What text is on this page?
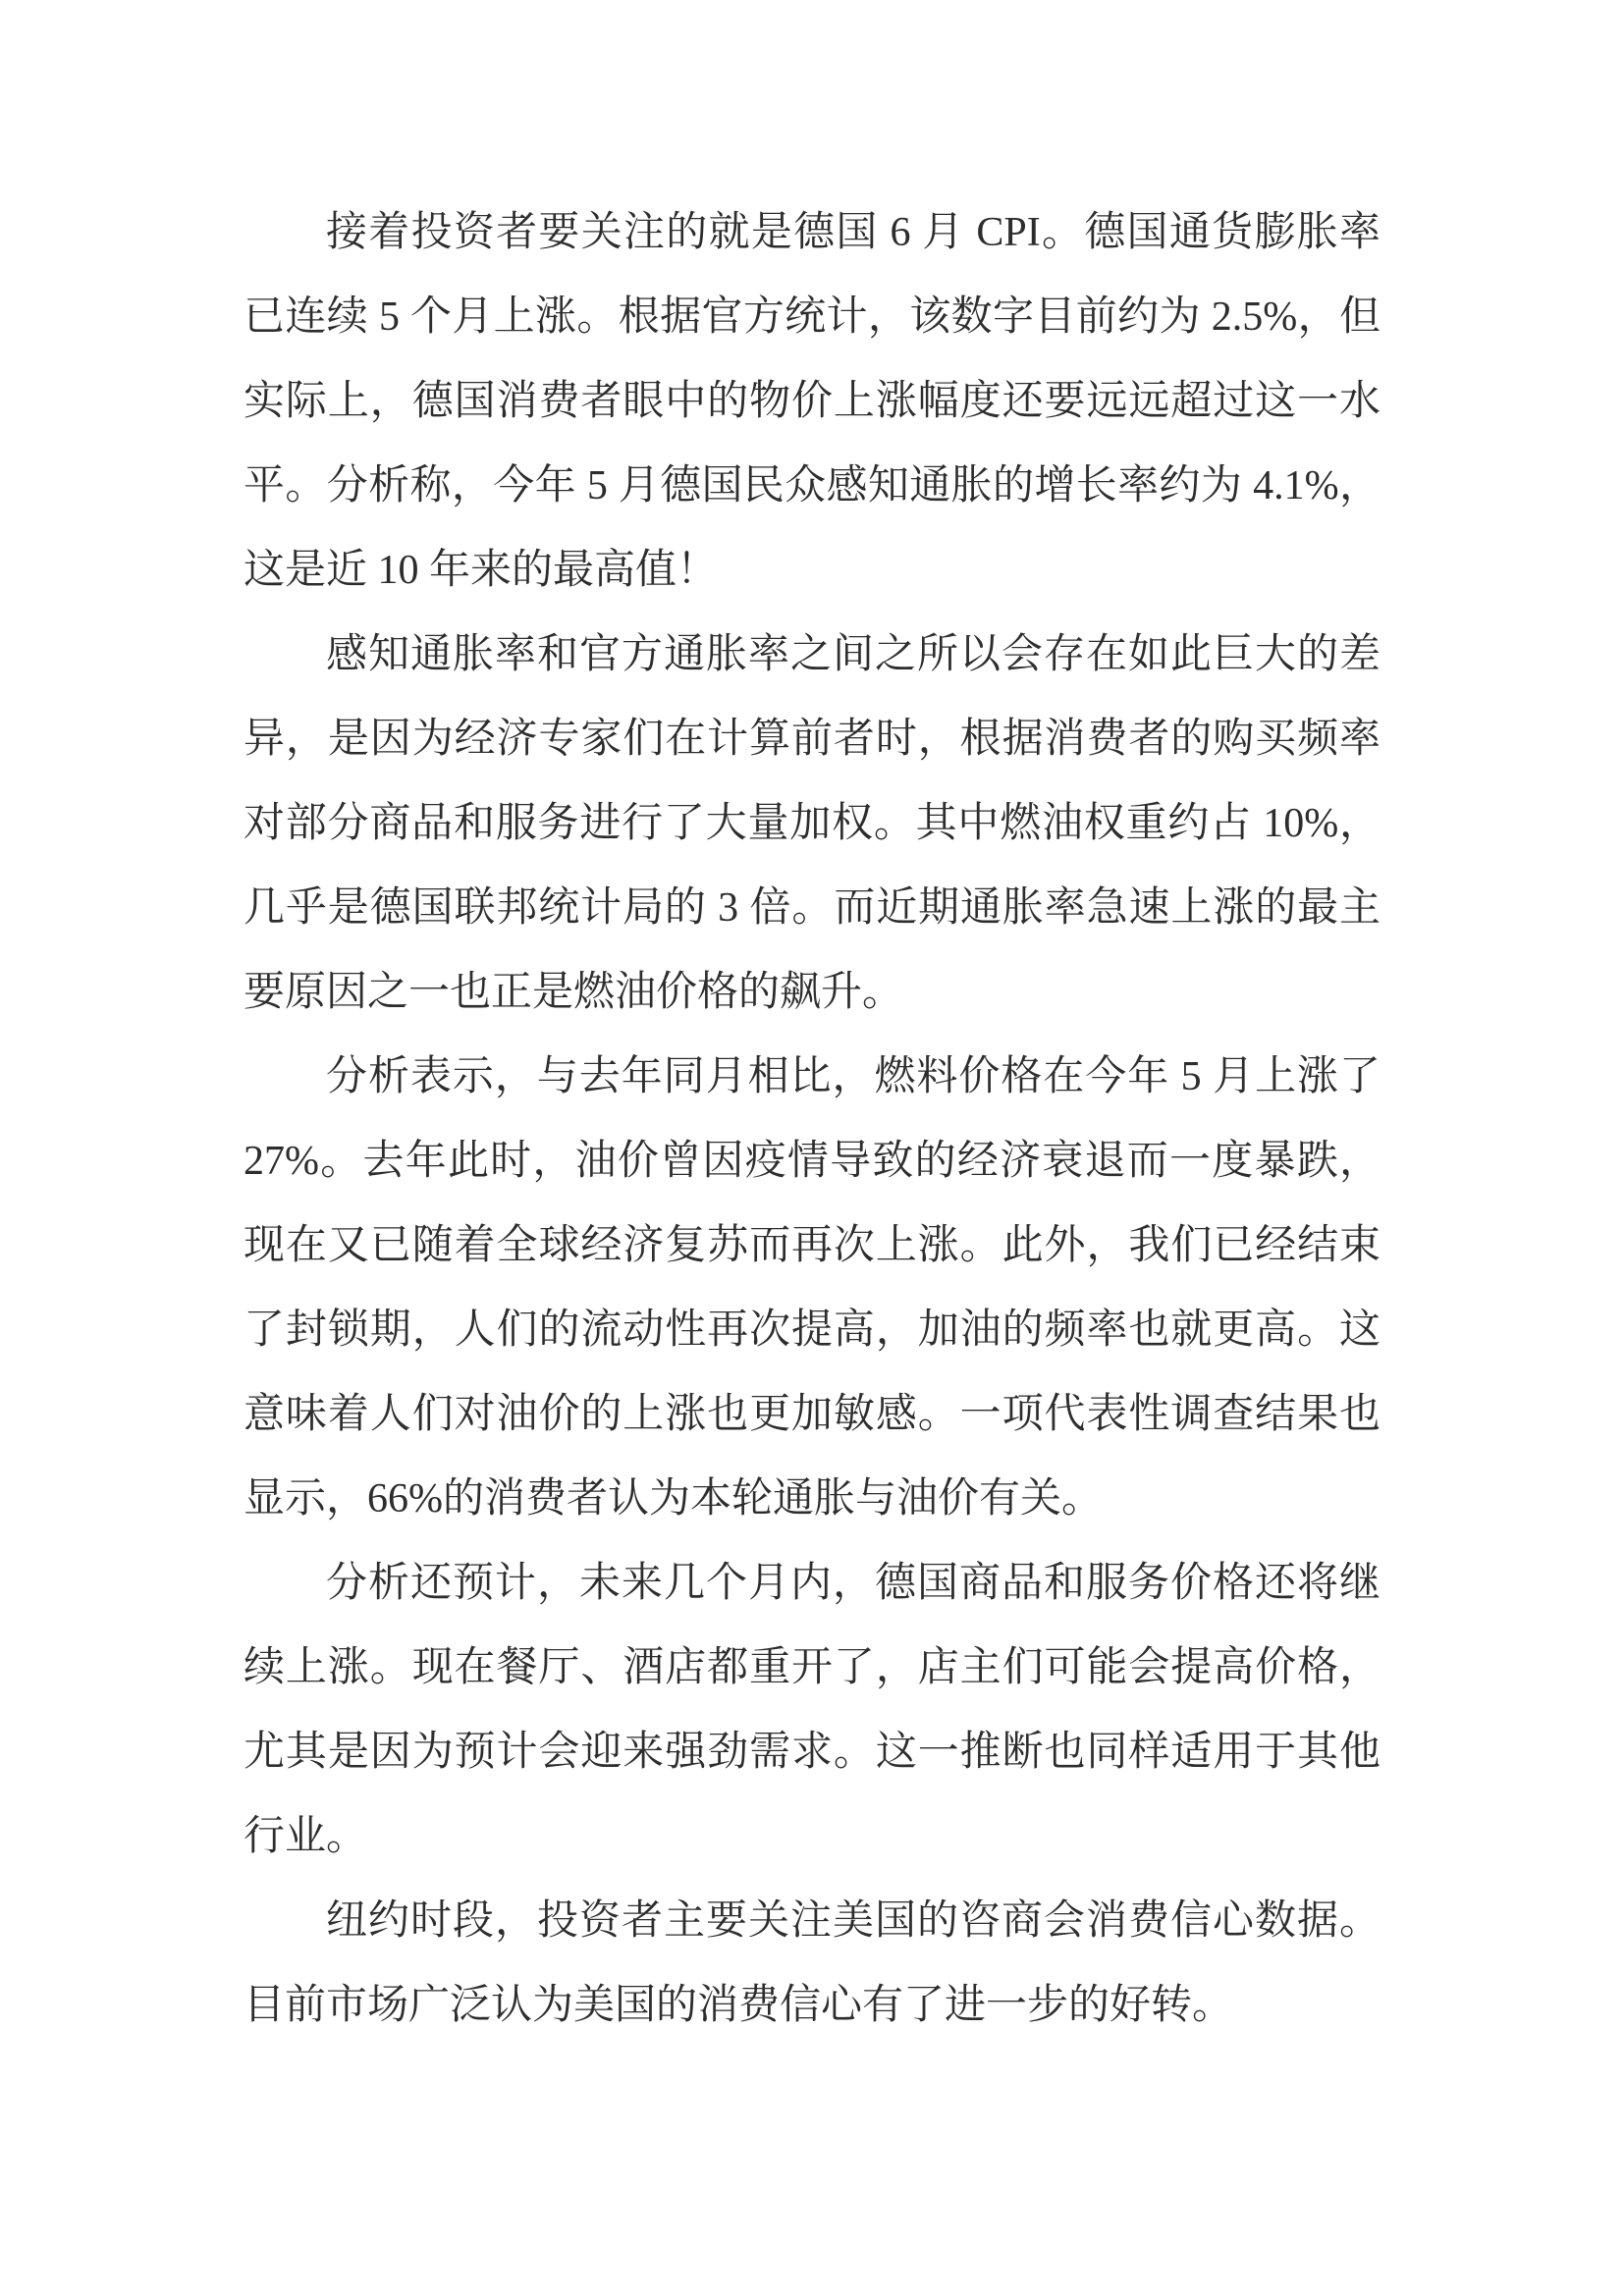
接着投资者要关注的就是德国 6 月 CPI。德国通货膨胀率已连续 5 个月上涨。根据官方统计，该数字目前约为 2.5%，但实际上，德国消费者眼中的物价上涨幅度还要远远超过这一水平。分析称，今年 5 月德国民众感知通胀的增长率约为 4.1%，这是近 10 年来的最高值！

感知通胀率和官方通胀率之间之所以会存在如此巨大的差异，是因为经济专家们在计算前者时，根据消费者的购买频率对部分商品和服务进行了大量加权。其中燃油权重约占 10%，几乎是德国联邦统计局的 3 倍。而近期通胀率急速上涨的最主要原因之一也正是燃油价格的飙升。

分析表示，与去年同月相比，燃料价格在今年 5 月上涨了 27%。去年此时，油价曾因疫情导致的经济衰退而一度暴跌，现在又已随着全球经济复苏而再次上涨。此外，我们已经结束了封锁期，人们的流动性再次提高，加油的频率也就更高。这意味着人们对油价的上涨也更加敏感。一项代表性调查结果也显示，66%的消费者认为本轮通胀与油价有关。

分析还预计，未来几个月内，德国商品和服务价格还将继续上涨。现在餐厅、酒店都重开了，店主们可能会提高价格，尤其是因为预计会迎来强劲需求。这一推断也同样适用于其他行业。

纽约时段，投资者主要关注美国的咨商会消费信心数据。目前市场广泛认为美国的消费信心有了进一步的好转。
